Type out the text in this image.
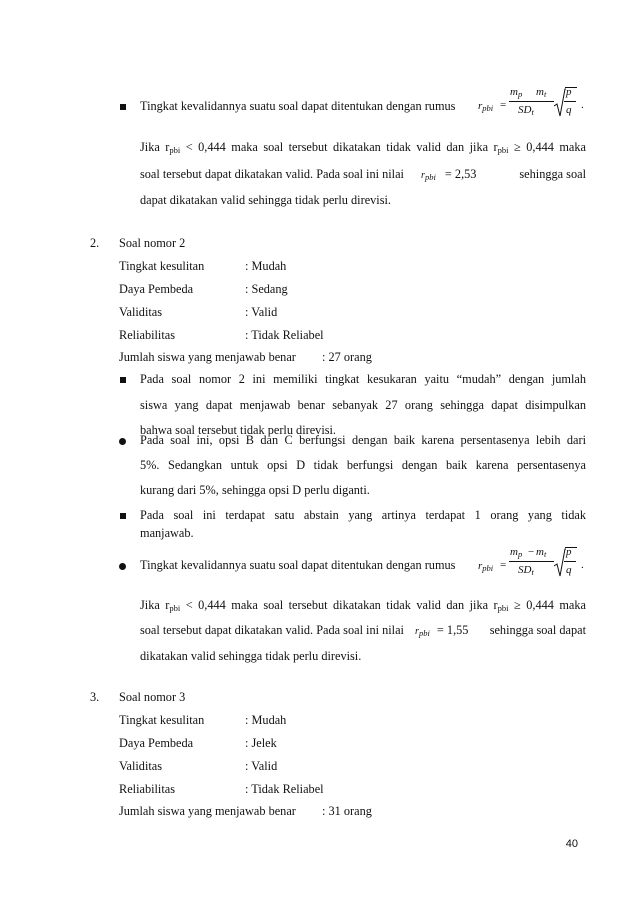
Tingkat kevalidannya suatu soal dapat ditentukan dengan rumus $r_{pbi}$ =
$m_p$ $m_t$
$SD_t$
p
q .
Jika $r_{pbi} < 0,444$ maka soal tersebut dikatakan tidak valid dan jika $r_{pbi} \ge 0,444$ maka
soal tersebut dapat dikatakan valid. Pada soal ini nilai $r_{pbi} = 2,53$	sehingga soal
dapat dikatakan valid sehingga tidak perlu direvisi.
2. Soal nomor 2
Tingkat kesulitan	: Mudah
Daya Pembeda	: Sedang
Validitas	: Valid
Reliabilitas	: Tidak Reliabel
Jumlah siswa yang menjawab benar : 27 orang
Pada soal nomor 2 ini memiliki tingkat kesukaran yaitu “mudah” dengan jumlah
siswa yang dapat menjawab benar sebanyak 27 orang sehingga dapat disimpulkan
bahwa soal tersebut tidak perlu direvisi.
Pada soal ini, opsi B dan C berfungsi dengan baik karena persentasenya lebih dari
5%. Sedangkan untuk opsi D tidak berfungsi dengan baik karena persentasenya
kurang dari 5%, sehingga opsi D perlu diganti.
Pada soal ini terdapat satu abstain yang artinya terdapat 1 orang yang tidak
manjawab.
Tingkat kevalidannya suatu soal dapat ditentukan dengan rumus $r_{pbi}$ =
$m_p - m_t$
$SD_t$
p
q .
Jika $r_{pbi} < 0,444$ maka soal tersebut dikatakan tidak valid dan jika $r_{pbi} \ge 0,444$ maka
soal tersebut dapat dikatakan valid. Pada soal ini nilai $r_{pbi} = 1,55$ sehingga soal dapat
dikatakan valid sehingga tidak perlu direvisi.
3. Soal nomor 3
Tingkat kesulitan	: Mudah
Daya Pembeda	: Jelek
Validitas	: Valid
Reliabilitas	: Tidak Reliabel
Jumlah siswa yang menjawab benar : 31 orang
40
